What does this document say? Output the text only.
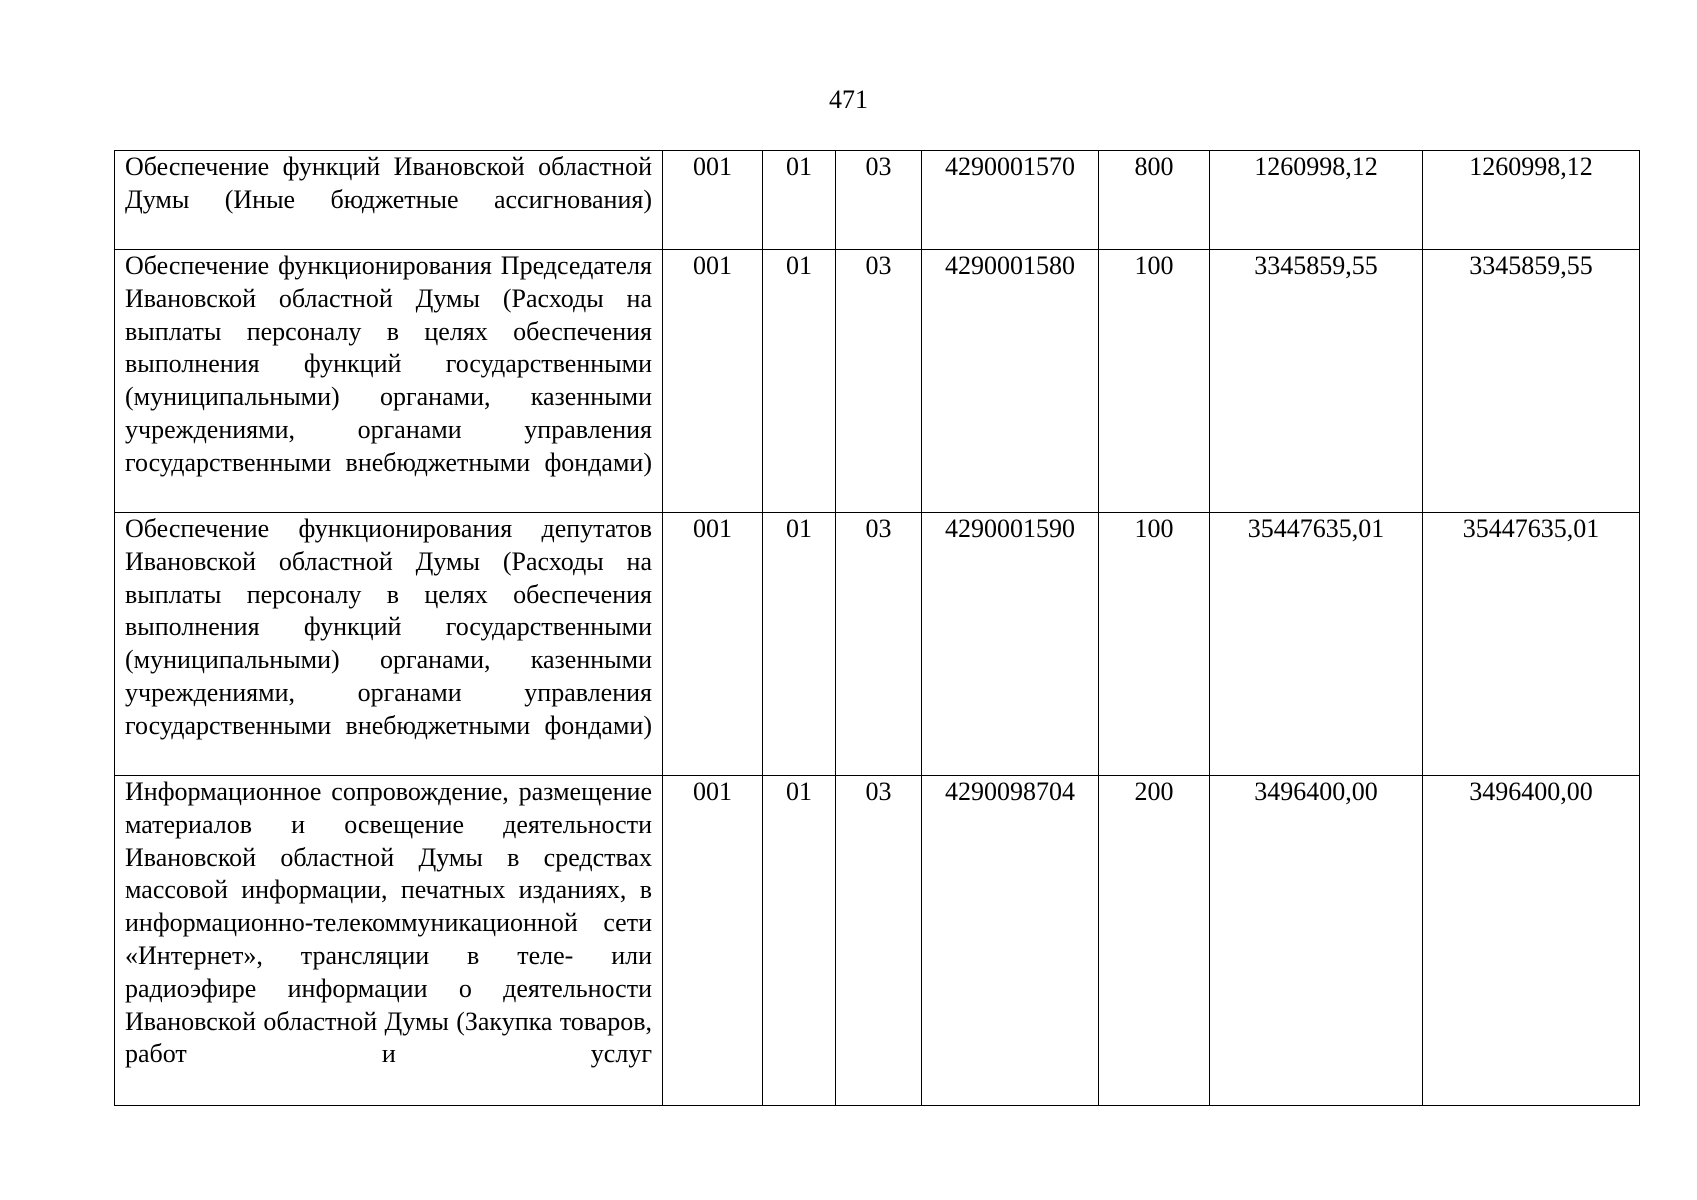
471
Обеспечение функций Ивановской областной Думы (Иные бюджетные ассигнования)	001	01	03	4290001570	800	1260998,12	1260998,12
Обеспечение функционирования Председателя Ивановской областной Думы (Расходы на выплаты персоналу в целях обеспечения выполнения функций государственными (муниципальными) органами, казенными учреждениями, органами управления государственными внебюджетными фондами)	001	01	03	4290001580	100	3345859,55	3345859,55
Обеспечение функционирования депутатов Ивановской областной Думы (Расходы на выплаты персоналу в целях обеспечения выполнения функций государственными (муниципальными) органами, казенными учреждениями, органами управления государственными внебюджетными фондами)	001	01	03	4290001590	100	35447635,01	35447635,01
Информационное сопровождение, размещение материалов и освещение деятельности Ивановской областной Думы в средствах массовой информации, печатных изданиях, в информационно-телекоммуникационной сети «Интернет», трансляции в теле- или радиоэфире информации о деятельности Ивановской областной Думы (Закупка товаров, работ и услуг	001	01	03	4290098704	200	3496400,00	3496400,00
